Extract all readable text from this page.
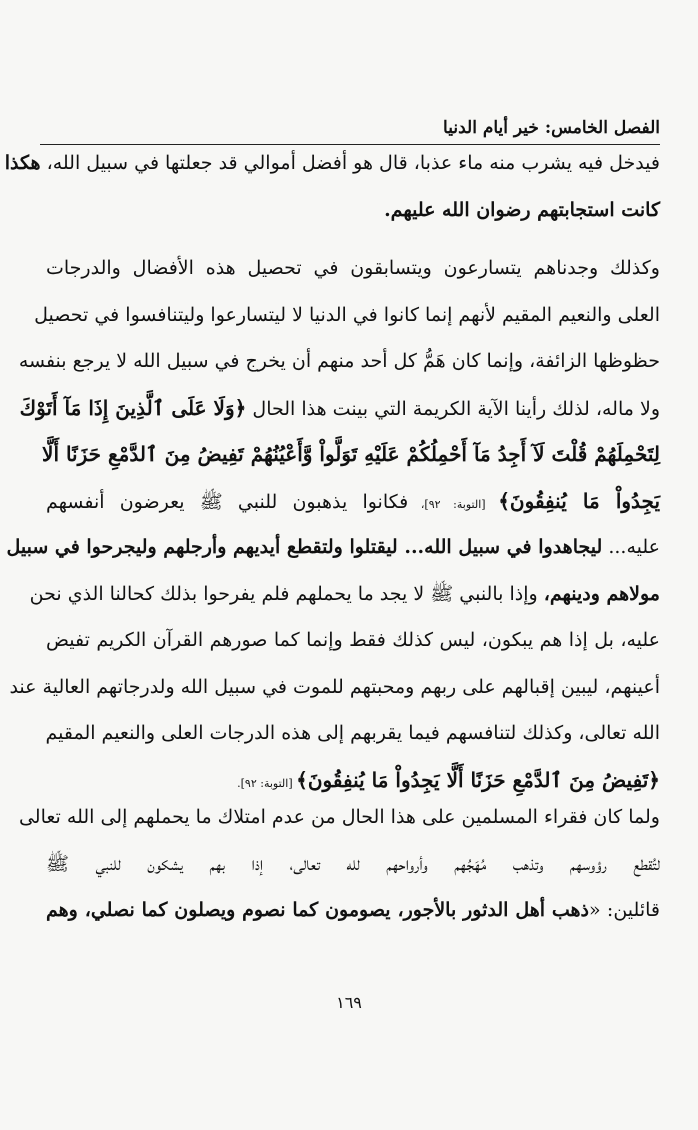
الفصل الخامس: خير أيام الدنيا
فيدخل فيه يشرب منه ماء عذبا، قال هو أفضل أموالي قد جعلتها في سبيل الله، هكذا
كانت استجابتهم رضوان الله عليهم.
وكذلك وجدناهم يتسارعون ويتسابقون في تحصيل هذه الأفضال والدرجات
العلى والنعيم المقيم لأنهم إنما كانوا في الدنيا لا ليتسارعوا وليتنافسوا في تحصيل
حظوظها الزائفة، وإنما كان هَمُّ كل أحد منهم أن يخرج في سبيل الله لا يرجع بنفسه
ولا ماله، لذلك رأينا الآية الكريمة التي بينت هذا الحال ﴿وَلَا عَلَى ٱلَّذِينَ إِذَا مَآ أَتَوْكَ
لِتَحْمِلَهُمْ قُلْتَ لَآ أَجِدُ مَآ أَحْمِلُكُمْ عَلَيْهِ تَوَلَّواْ وَّأَعْيُنُهُمْ تَفِيضُ مِنَ ٱلدَّمْعِ حَزَنًا أَلَّا
يَجِدُواْ مَا يُنفِقُونَ﴾ [التوبة: ٩٢]، فكانوا يذهبون للنبي ﷺ يعرضون أنفسهم
عليه... ليجاهدوا في سبيل الله... ليقتلوا ولتقطع أيديهم وأرجلهم وليجرحوا في سبيل
مولاهم ودينهم، وإذا بالنبي ﷺ لا يجد ما يحملهم فلم يفرحوا بذلك كحالنا الذي نحن
عليه، بل إذا هم يبكون، ليس كذلك فقط وإنما كما صورهم القرآن الكريم تفيض
أعينهم، ليبين إقبالهم على ربهم ومحبتهم للموت في سبيل الله ولدرجاتهم العالية عند
الله تعالى، وكذلك لتنافسهم فيما يقربهم إلى هذه الدرجات العلى والنعيم المقيم
﴿تَفِيضُ مِنَ ٱلدَّمْعِ حَزَنًا أَلَّا يَجِدُواْ مَا يُنفِقُونَ﴾ [التوبة: ٩٢].
ولما كان فقراء المسلمين على هذا الحال من عدم امتلاك ما يحملهم إلى الله تعالى
لتُقطع رؤوسهم وتذهب مُهَجُهم وأرواحهم لله تعالى، إذا بهم يشكون للنبي ﷺ
قائلين: «ذهب أهل الدثور بالأجور، يصومون كما نصوم ويصلون كما نصلي، وهم
١٦٩
